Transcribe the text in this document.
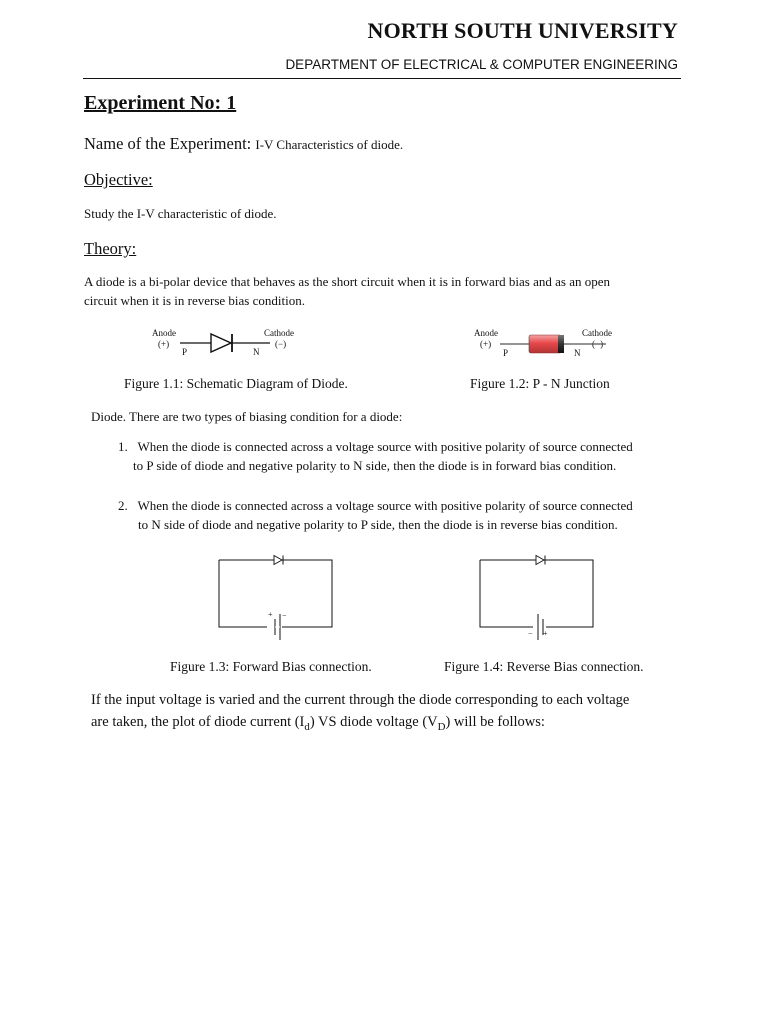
NORTH SOUTH UNIVERSITY
DEPARTMENT OF ELECTRICAL & COMPUTER ENGINEERING
Experiment No: 1
Name of the Experiment: I-V Characteristics of diode.
Objective:
Study the I-V characteristic of diode.
Theory:
A diode is a bi-polar device that behaves as the short circuit when it is in forward bias and as an open
circuit when it is in reverse bias condition.
Anode
(+)
P
Cathode
(−)
N
Figure 1.1: Schematic Diagram of Diode.
Anode
(+)
P
Cathode
(−)
N
Figure 1.2: P - N Junction
Diode. There are two types of biasing condition for a diode:
1. When the diode is connected across a voltage source with positive polarity of source connected
to P side of diode and negative polarity to N side, then the diode is in forward bias condition.
2. When the diode is connected across a voltage source with positive polarity of source connected
to N side of diode and negative polarity to P side, then the diode is in reverse bias condition.
+ −
Figure 1.3: Forward Bias connection.
− +
Figure 1.4: Reverse Bias connection.
If the input voltage is varied and the current through the diode corresponding to each voltage
are taken, the plot of diode current $(I_d)$ VS diode voltage $(V_D)$ will be follows:
